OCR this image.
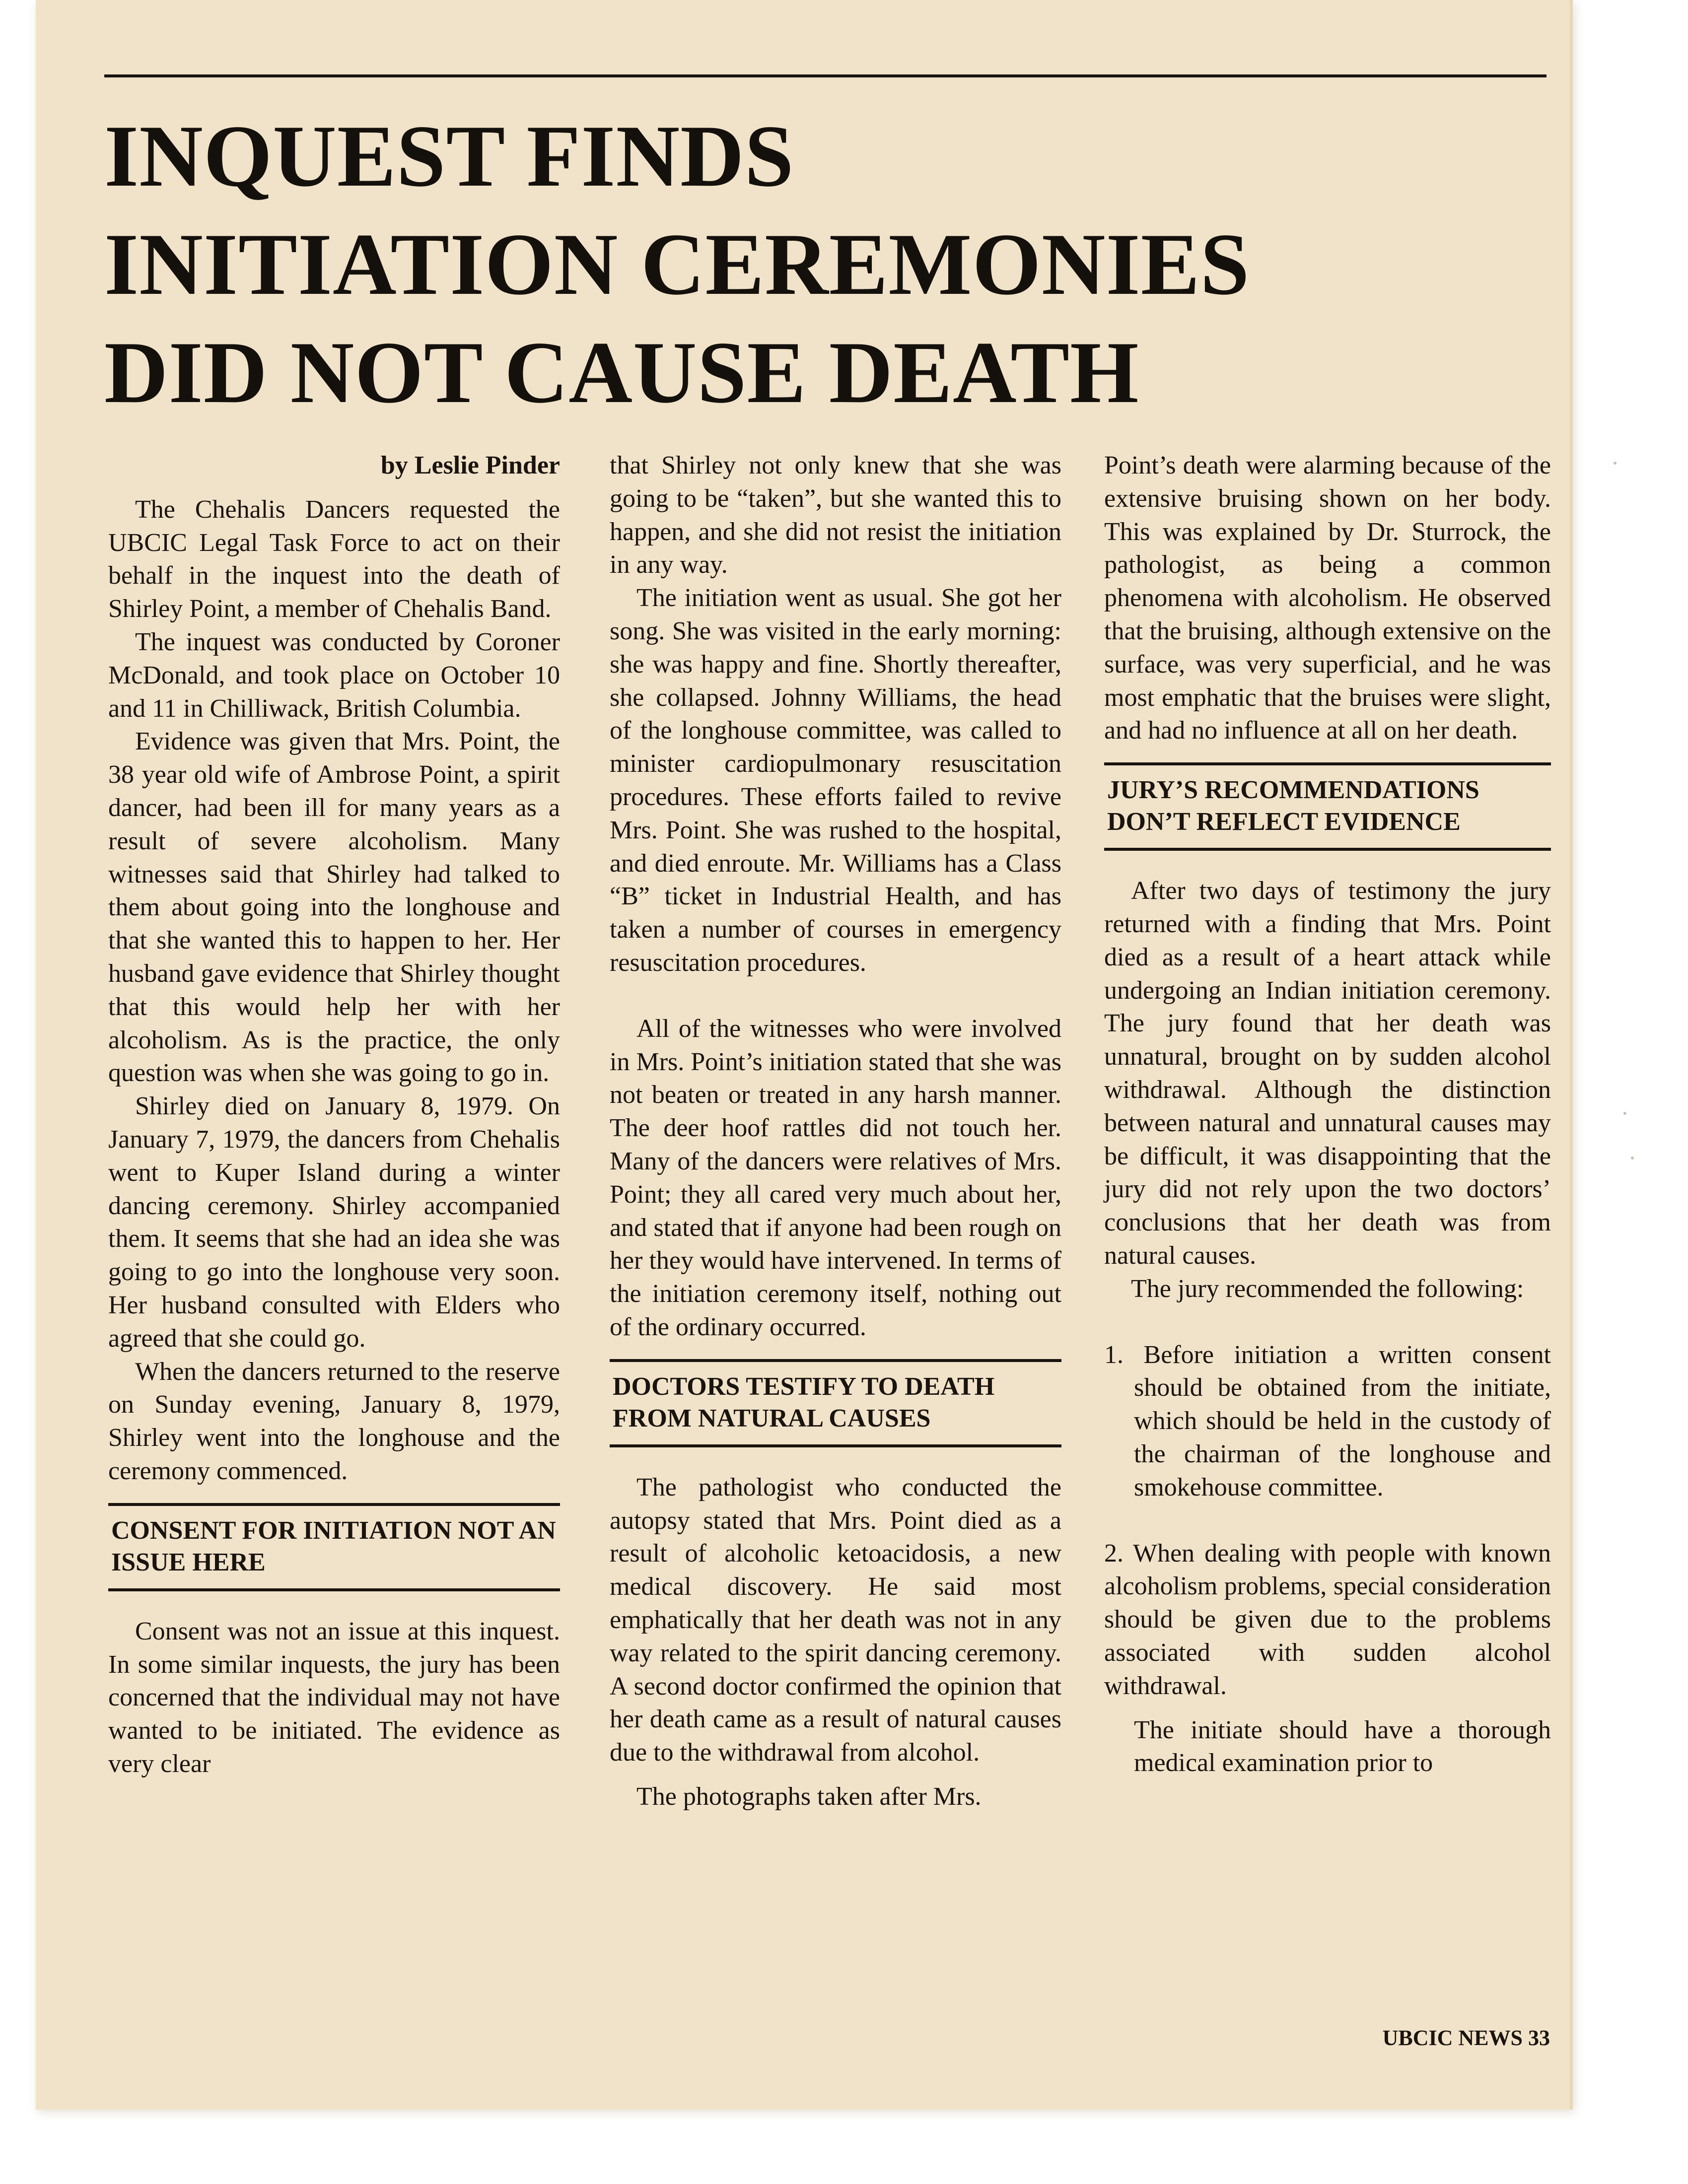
INQUEST FINDS
INITIATION CEREMONIES
DID NOT CAUSE DEATH

by Leslie Pinder

The Chehalis Dancers requested the UBCIC Legal Task Force to act on their behalf in the inquest into the death of Shirley Point, a member of Chehalis Band.

The inquest was conducted by Coroner McDonald, and took place on October 10 and 11 in Chilliwack, British Columbia.

Evidence was given that Mrs. Point, the 38 year old wife of Ambrose Point, a spirit dancer, had been ill for many years as a result of severe alcoholism. Many witnesses said that Shirley had talked to them about going into the longhouse and that she wanted this to happen to her. Her husband gave evidence that Shirley thought that this would help her with her alcoholism. As is the practice, the only question was when she was going to go in.

Shirley died on January 8, 1979. On January 7, 1979, the dancers from Chehalis went to Kuper Island during a winter dancing ceremony. Shirley accompanied them. It seems that she had an idea she was going to go into the longhouse very soon. Her husband consulted with Elders who agreed that she could go.

When the dancers returned to the reserve on Sunday evening, January 8, 1979, Shirley went into the longhouse and the ceremony commenced.

CONSENT FOR INITIATION NOT AN ISSUE HERE

Consent was not an issue at this inquest. In some similar inquests, the jury has been concerned that the individual may not have wanted to be initiated. The evidence as very clear

that Shirley not only knew that she was going to be “taken”, but she wanted this to happen, and she did not resist the initiation in any way.

The initiation went as usual. She got her song. She was visited in the early morning: she was happy and fine. Shortly thereafter, she collapsed. Johnny Williams, the head of the longhouse committee, was called to minister cardiopulmonary resuscitation procedures. These efforts failed to revive Mrs. Point. She was rushed to the hospital, and died enroute. Mr. Williams has a Class “B” ticket in Industrial Health, and has taken a number of courses in emergency resuscitation procedures.

All of the witnesses who were involved in Mrs. Point’s initiation stated that she was not beaten or treated in any harsh manner. The deer hoof rattles did not touch her. Many of the dancers were relatives of Mrs. Point; they all cared very much about her, and stated that if anyone had been rough on her they would have intervened. In terms of the initiation ceremony itself, nothing out of the ordinary occurred.

DOCTORS TESTIFY TO DEATH FROM NATURAL CAUSES

The pathologist who conducted the autopsy stated that Mrs. Point died as a result of alcoholic ketoacidosis, a new medical discovery. He said most emphatically that her death was not in any way related to the spirit dancing ceremony. A second doctor confirmed the opinion that her death came as a result of natural causes due to the withdrawal from alcohol.

The photographs taken after Mrs.

Point’s death were alarming because of the extensive bruising shown on her body. This was explained by Dr. Sturrock, the pathologist, as being a common phenomena with alcoholism. He observed that the bruising, although extensive on the surface, was very superficial, and he was most emphatic that the bruises were slight, and had no influence at all on her death.

JURY’S RECOMMENDATIONS DON’T REFLECT EVIDENCE

After two days of testimony the jury returned with a finding that Mrs. Point died as a result of a heart attack while undergoing an Indian initiation ceremony. The jury found that her death was unnatural, brought on by sudden alcohol withdrawal. Although the distinction between natural and unnatural causes may be difficult, it was disappointing that the jury did not rely upon the two doctors’ conclusions that her death was from natural causes.

The jury recommended the following:

1. Before initiation a written consent should be obtained from the initiate, which should be held in the custody of the chairman of the longhouse and smokehouse committee.

2. When dealing with people with known alcoholism problems, special consideration should be given due to the problems associated with sudden alcohol withdrawal.

The initiate should have a thorough medical examination prior to

UBCIC NEWS 33
